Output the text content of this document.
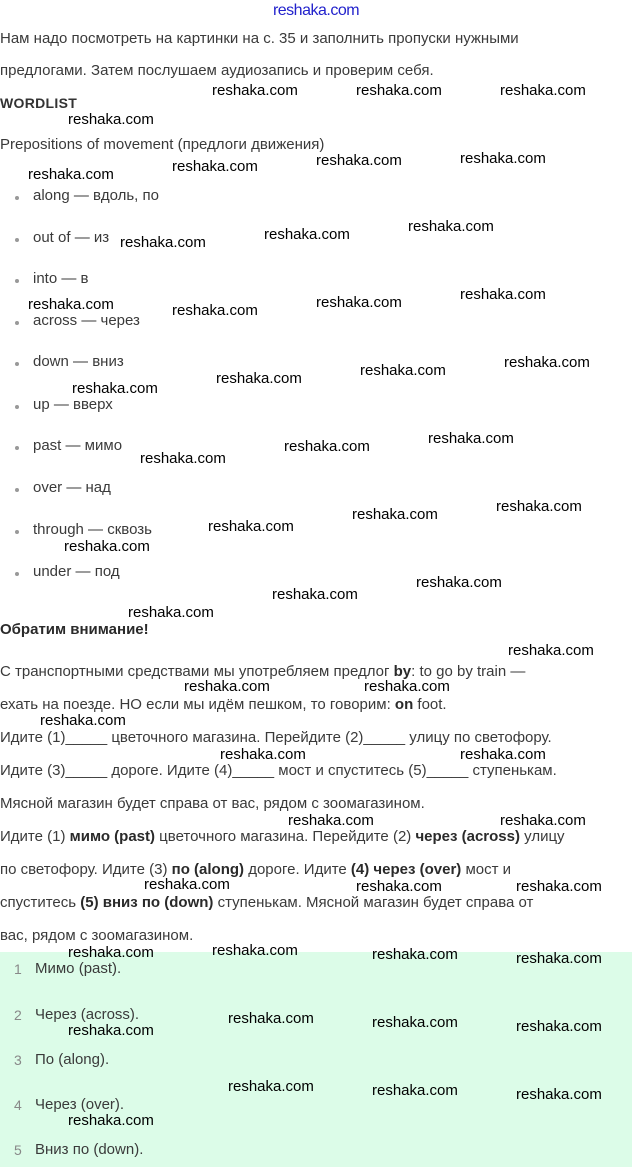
reshaka.com
Нам надо посмотреть на картинки на с. 35 и заполнить пропуски нужными
предлогами. Затем послушаем аудиозапись и проверим себя.
WORDLIST
Prepositions of movement (предлоги движения)
along — вдоль, по
out of — из
into — в
across — через
down — вниз
up — вверх
past — мимо
over — над
through — сквозь
under — под
Обратим внимание!
С транспортными средствами мы употребляем предлог by: to go by train —
ехать на поезде. НО если мы идём пешком, то говорим: on foot.
Идите (1)_____ цветочного магазина. Перейдите (2)_____ улицу по светофору.
Идите (3)_____ дороге. Идите (4)_____ мост и спуститесь (5)_____ ступенькам.
Мясной магазин будет справа от вас, рядом с зоомагазином.
Идите (1) мимо (past) цветочного магазина. Перейдите (2) через (across) улицу
по светофору. Идите (3) по (along) дороге. Идите (4) через (over) мост и
спуститесь (5) вниз по (down) ступенькам. Мясной магазин будет справа от
вас, рядом с зоомагазином.
1 Мимо (past).
2 Через (across).
3 По (along).
4 Через (over).
5 Вниз по (down).
reshaka.com
reshaka.com	reshaka.com	reshaka.com
reshaka.com	reshaka.com
reshaka.com
reshaka.com
reshaka.com	reshaka.com	reshaka.com
reshaka.com	reshaka.com	reshaka.com	reshaka.com
reshaka.com
reshaka.com
reshaka.com
reshaka.com
reshaka.com
reshaka.com
reshaka.com
reshaka.com
reshaka.com
reshaka.com
reshaka.com
reshaka.com
reshaka.com
reshaka.com
reshaka.com
reshaka.com	reshaka.com
reshaka.com
reshaka.com	reshaka.com
reshaka.com	reshaka.com
reshaka.com	reshaka.com	reshaka.com
reshaka.com	reshaka.com	reshaka.com	reshaka.com
reshaka.com	reshaka.com	reshaka.com
reshaka.com
reshaka.com	reshaka.com	reshaka.com
reshaka.com
